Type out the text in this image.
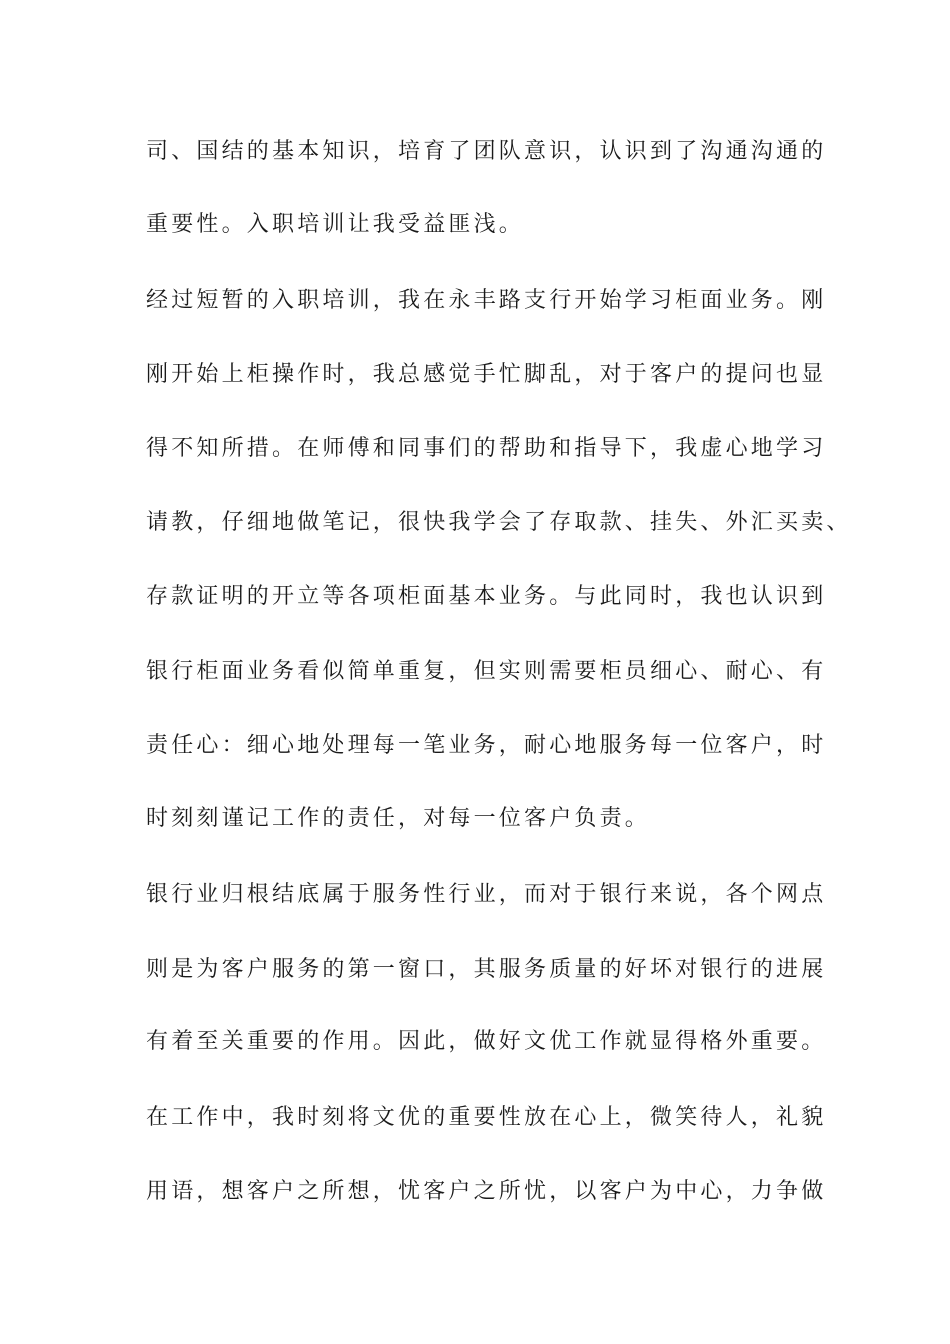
司、国结的基本知识，培育了团队意识，认识到了沟通沟通的
重要性。入职培训让我受益匪浅。
经过短暂的入职培训，我在永丰路支行开始学习柜面业务。刚
刚开始上柜操作时，我总感觉手忙脚乱，对于客户的提问也显
得不知所措。在师傅和同事们的帮助和指导下，我虚心地学习
请教，仔细地做笔记，很快我学会了存取款、挂失、外汇买卖、
存款证明的开立等各项柜面基本业务。与此同时，我也认识到
银行柜面业务看似简单重复，但实则需要柜员细心、耐心、有
责任心：细心地处理每一笔业务，耐心地服务每一位客户，时
时刻刻谨记工作的责任，对每一位客户负责。
银行业归根结底属于服务性行业，而对于银行来说，各个网点
则是为客户服务的第一窗口，其服务质量的好坏对银行的进展
有着至关重要的作用。因此，做好文优工作就显得格外重要。
在工作中，我时刻将文优的重要性放在心上，微笑待人，礼貌
用语，想客户之所想，忧客户之所忧，以客户为中心，力争做
